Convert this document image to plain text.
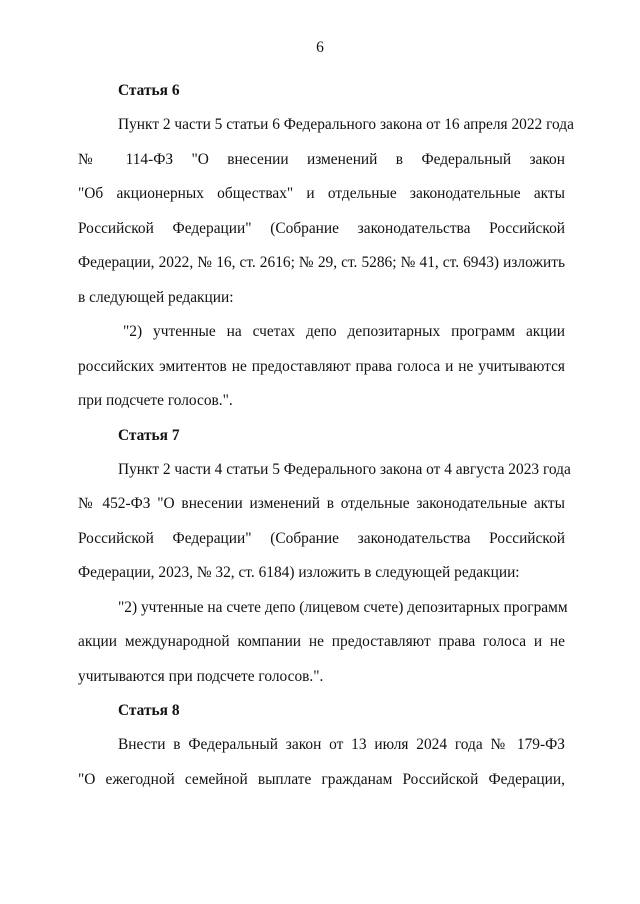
6
Статья 6
Пункт 2 части 5 статьи 6 Федерального закона от 16 апреля 2022 года
№ 114-ФЗ "О внесении изменений в Федеральный закон
"Об акционерных обществах" и отдельные законодательные акты
Российской Федерации" (Собрание законодательства Российской
Федерации, 2022, № 16, ст. 2616; № 29, ст. 5286; № 41, ст. 6943) изложить
в следующей редакции:
"2) учтенные на счетах депо депозитарных программ акции
российских эмитентов не предоставляют права голоса и не учитываются
при подсчете голосов.".
Статья 7
Пункт 2 части 4 статьи 5 Федерального закона от 4 августа 2023 года
№ 452-ФЗ "О внесении изменений в отдельные законодательные акты
Российской Федерации" (Собрание законодательства Российской
Федерации, 2023, № 32, ст. 6184) изложить в следующей редакции:
"2) учтенные на счете депо (лицевом счете) депозитарных программ
акции международной компании не предоставляют права голоса и не
учитываются при подсчете голосов.".
Статья 8
Внести в Федеральный закон от 13 июля 2024 года № 179-ФЗ
"О ежегодной семейной выплате гражданам Российской Федерации,
